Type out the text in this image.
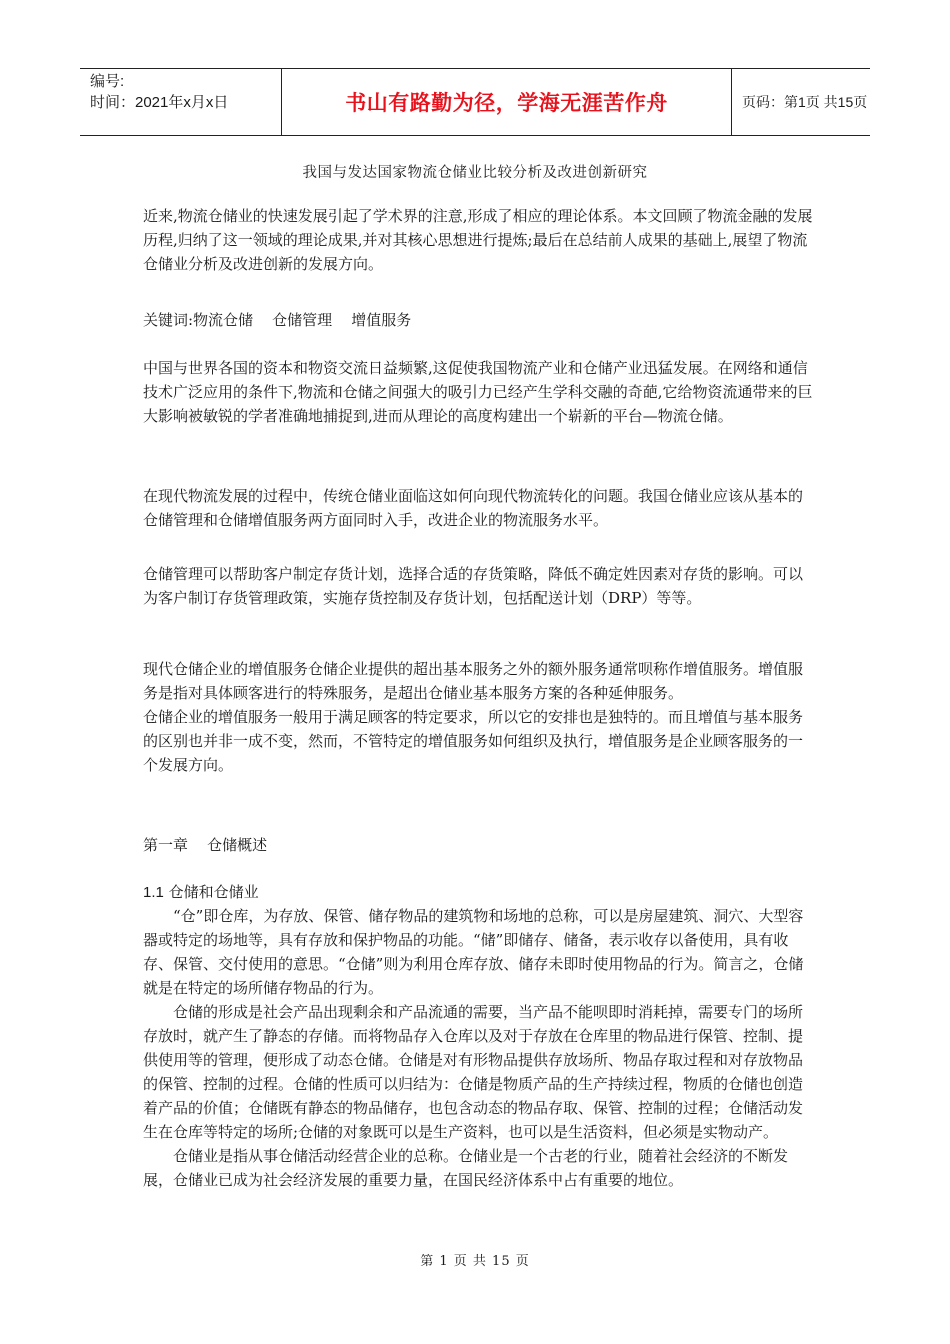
编号:
时间：2021年x月x日	书山有路勤为径，学海无涯苦作舟	页码：第1页 共15页
我国与发达国家物流仓储业比较分析及改进创新研究

近来,物流仓储业的快速发展引起了学术界的注意,形成了相应的理论体系。本文回顾了物流金融的发展历程,归纳了这一领域的理论成果,并对其核心思想进行提炼;最后在总结前人成果的基础上,展望了物流仓储业分析及改进创新的发展方向。

关键词:物流仓储    仓储管理    增值服务

中国与世界各国的资本和物资交流日益频繁,这促使我国物流产业和仓储产业迅猛发展。在网络和通信技术广泛应用的条件下,物流和仓储之间强大的吸引力已经产生学科交融的奇葩,它给物资流通带来的巨大影响被敏锐的学者准确地捕捉到,进而从理论的高度构建出一个崭新的平台—物流仓储。

在现代物流发展的过程中，传统仓储业面临这如何向现代物流转化的问题。我国仓储业应该从基本的仓储管理和仓储增值服务两方面同时入手，改进企业的物流服务水平。

仓储管理可以帮助客户制定存货计划，选择合适的存货策略，降低不确定姓因素对存货的影响。可以为客户制订存货管理政策，实施存货控制及存货计划，包括配送计划（DRP）等等。

现代仓储企业的增值服务仓储企业提供的超出基本服务之外的额外服务通常呗称作增值服务。增值服务是指对具体顾客进行的特殊服务，是超出仓储业基本服务方案的各种延伸服务。

仓储企业的增值服务一般用于满足顾客的特定要求，所以它的安排也是独特的。而且增值与基本服务的区别也并非一成不变，然而，不管特定的增值服务如何组织及执行，增值服务是企业顾客服务的一个发展方向。

第一章    仓储概述

1.1 仓储和仓储业

“仓”即仓库，为存放、保管、储存物品的建筑物和场地的总称，可以是房屋建筑、洞穴、大型容器或特定的场地等，具有存放和保护物品的功能。“储”即储存、储备，表示收存以备使用，具有收存、保管、交付使用的意思。“仓储”则为利用仓库存放、储存未即时使用物品的行为。简言之，仓储就是在特定的场所储存物品的行为。

仓储的形成是社会产品出现剩余和产品流通的需要，当产品不能呗即时消耗掉，需要专门的场所存放时，就产生了静态的存储。而将物品存入仓库以及对于存放在仓库里的物品进行保管、控制、提供使用等的管理，便形成了动态仓储。仓储是对有形物品提供存放场所、物品存取过程和对存放物品的保管、控制的过程。仓储的性质可以归结为：仓储是物质产品的生产持续过程，物质的仓储也创造着产品的价值；仓储既有静态的物品储存，也包含动态的物品存取、保管、控制的过程；仓储活动发生在仓库等特定的场所;仓储的对象既可以是生产资料，也可以是生活资料，但必须是实物动产。

仓储业是指从事仓储活动经营企业的总称。仓储业是一个古老的行业，随着社会经济的不断发展，仓储业已成为社会经济发展的重要力量，在国民经济体系中占有重要的地位。

第 1 页 共 15 页
